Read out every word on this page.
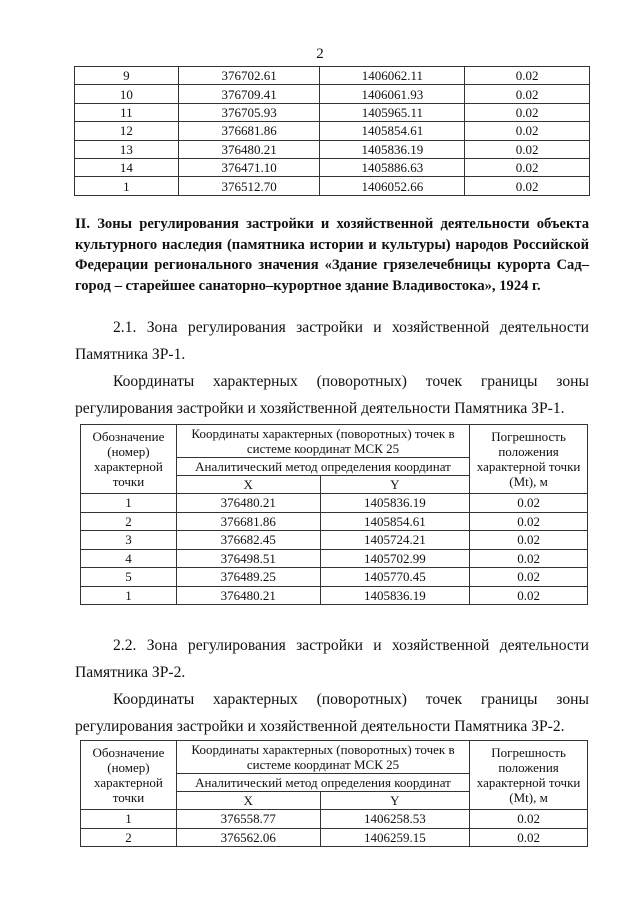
2
9	376702.61	1406062.11	0.02
10	376709.41	1406061.93	0.02
11	376705.93	1405965.11	0.02
12	376681.86	1405854.61	0.02
13	376480.21	1405836.19	0.02
14	376471.10	1405886.63	0.02
1	376512.70	1406052.66	0.02
II. Зоны регулирования застройки и хозяйственной деятельности объекта культурного наследия (памятника истории и культуры) народов Российской Федерации регионального значения «Здание грязелечебницы курорта Сад–город – старейшее санаторно–курортное здание Владивостока», 1924 г.
2.1. Зона регулирования застройки и хозяйственной деятельности Памятника ЗР-1.
Координаты характерных (поворотных) точек границы зоны регулирования застройки и хозяйственной деятельности Памятника ЗР-1.
Обозначение (номер) характерной точки	Координаты характерных (поворотных) точек в системе координат МСК 25		Погрешность положения характерной точки (Mt), м
	Аналитический метод определения координат		
	X	Y	
1	376480.21	1405836.19	0.02
2	376681.86	1405854.61	0.02
3	376682.45	1405724.21	0.02
4	376498.51	1405702.99	0.02
5	376489.25	1405770.45	0.02
1	376480.21	1405836.19	0.02
2.2. Зона регулирования застройки и хозяйственной деятельности Памятника ЗР-2.
Координаты характерных (поворотных) точек границы зоны регулирования застройки и хозяйственной деятельности Памятника ЗР-2.
Обозначение (номер) характерной точки	Координаты характерных (поворотных) точек в системе координат МСК 25		Погрешность положения характерной точки (Mt), м
	Аналитический метод определения координат		
	X	Y	
1	376558.77	1406258.53	0.02
2	376562.06	1406259.15	0.02
